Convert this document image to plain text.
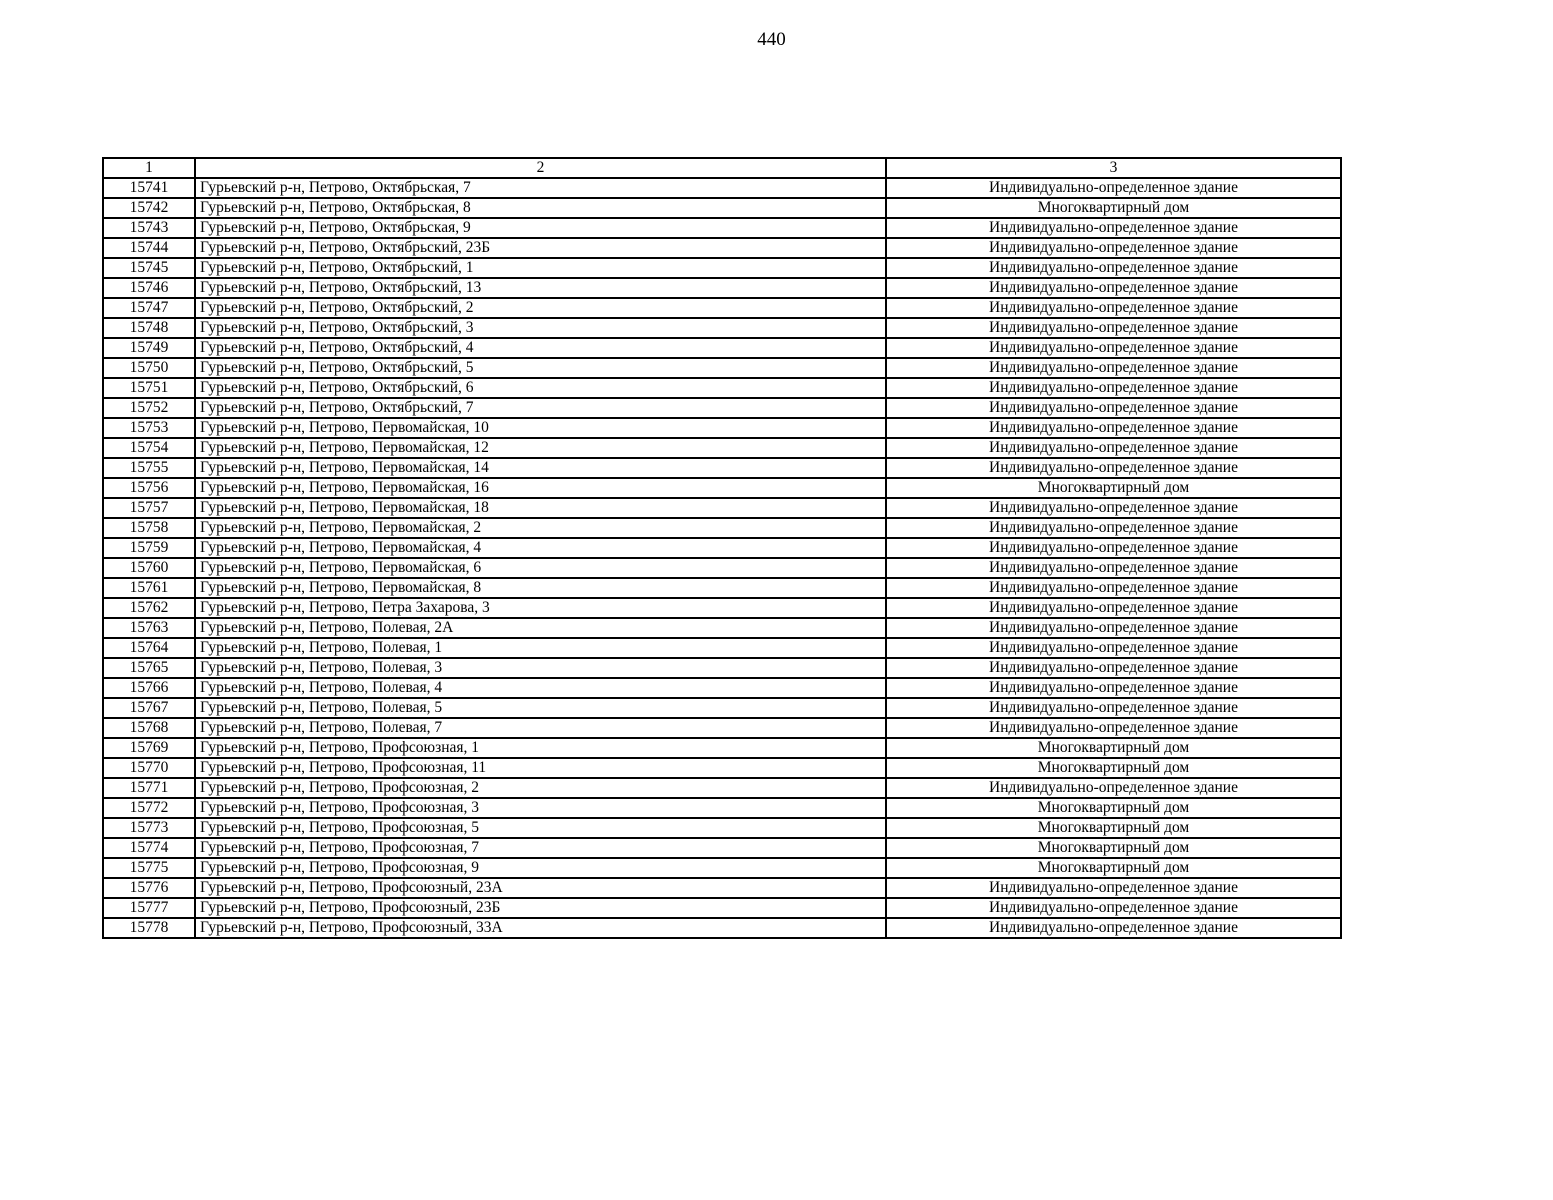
440
1	2	3
15741	Гурьевский р-н, Петрово, Октябрьская, 7	Индивидуально-определенное здание
15742	Гурьевский р-н, Петрово, Октябрьская, 8	Многоквартирный дом
15743	Гурьевский р-н, Петрово, Октябрьская, 9	Индивидуально-определенное здание
15744	Гурьевский р-н, Петрово, Октябрьский, 23Б	Индивидуально-определенное здание
15745	Гурьевский р-н, Петрово, Октябрьский, 1	Индивидуально-определенное здание
15746	Гурьевский р-н, Петрово, Октябрьский, 13	Индивидуально-определенное здание
15747	Гурьевский р-н, Петрово, Октябрьский, 2	Индивидуально-определенное здание
15748	Гурьевский р-н, Петрово, Октябрьский, 3	Индивидуально-определенное здание
15749	Гурьевский р-н, Петрово, Октябрьский, 4	Индивидуально-определенное здание
15750	Гурьевский р-н, Петрово, Октябрьский, 5	Индивидуально-определенное здание
15751	Гурьевский р-н, Петрово, Октябрьский, 6	Индивидуально-определенное здание
15752	Гурьевский р-н, Петрово, Октябрьский, 7	Индивидуально-определенное здание
15753	Гурьевский р-н, Петрово, Первомайская, 10	Индивидуально-определенное здание
15754	Гурьевский р-н, Петрово, Первомайская, 12	Индивидуально-определенное здание
15755	Гурьевский р-н, Петрово, Первомайская, 14	Индивидуально-определенное здание
15756	Гурьевский р-н, Петрово, Первомайская, 16	Многоквартирный дом
15757	Гурьевский р-н, Петрово, Первомайская, 18	Индивидуально-определенное здание
15758	Гурьевский р-н, Петрово, Первомайская, 2	Индивидуально-определенное здание
15759	Гурьевский р-н, Петрово, Первомайская, 4	Индивидуально-определенное здание
15760	Гурьевский р-н, Петрово, Первомайская, 6	Индивидуально-определенное здание
15761	Гурьевский р-н, Петрово, Первомайская, 8	Индивидуально-определенное здание
15762	Гурьевский р-н, Петрово, Петра Захарова, 3	Индивидуально-определенное здание
15763	Гурьевский р-н, Петрово, Полевая, 2А	Индивидуально-определенное здание
15764	Гурьевский р-н, Петрово, Полевая, 1	Индивидуально-определенное здание
15765	Гурьевский р-н, Петрово, Полевая, 3	Индивидуально-определенное здание
15766	Гурьевский р-н, Петрово, Полевая, 4	Индивидуально-определенное здание
15767	Гурьевский р-н, Петрово, Полевая, 5	Индивидуально-определенное здание
15768	Гурьевский р-н, Петрово, Полевая, 7	Индивидуально-определенное здание
15769	Гурьевский р-н, Петрово, Профсоюзная, 1	Многоквартирный дом
15770	Гурьевский р-н, Петрово, Профсоюзная, 11	Многоквартирный дом
15771	Гурьевский р-н, Петрово, Профсоюзная, 2	Индивидуально-определенное здание
15772	Гурьевский р-н, Петрово, Профсоюзная, 3	Многоквартирный дом
15773	Гурьевский р-н, Петрово, Профсоюзная, 5	Многоквартирный дом
15774	Гурьевский р-н, Петрово, Профсоюзная, 7	Многоквартирный дом
15775	Гурьевский р-н, Петрово, Профсоюзная, 9	Многоквартирный дом
15776	Гурьевский р-н, Петрово, Профсоюзный, 23А	Индивидуально-определенное здание
15777	Гурьевский р-н, Петрово, Профсоюзный, 23Б	Индивидуально-определенное здание
15778	Гурьевский р-н, Петрово, Профсоюзный, 33А	Индивидуально-определенное здание
